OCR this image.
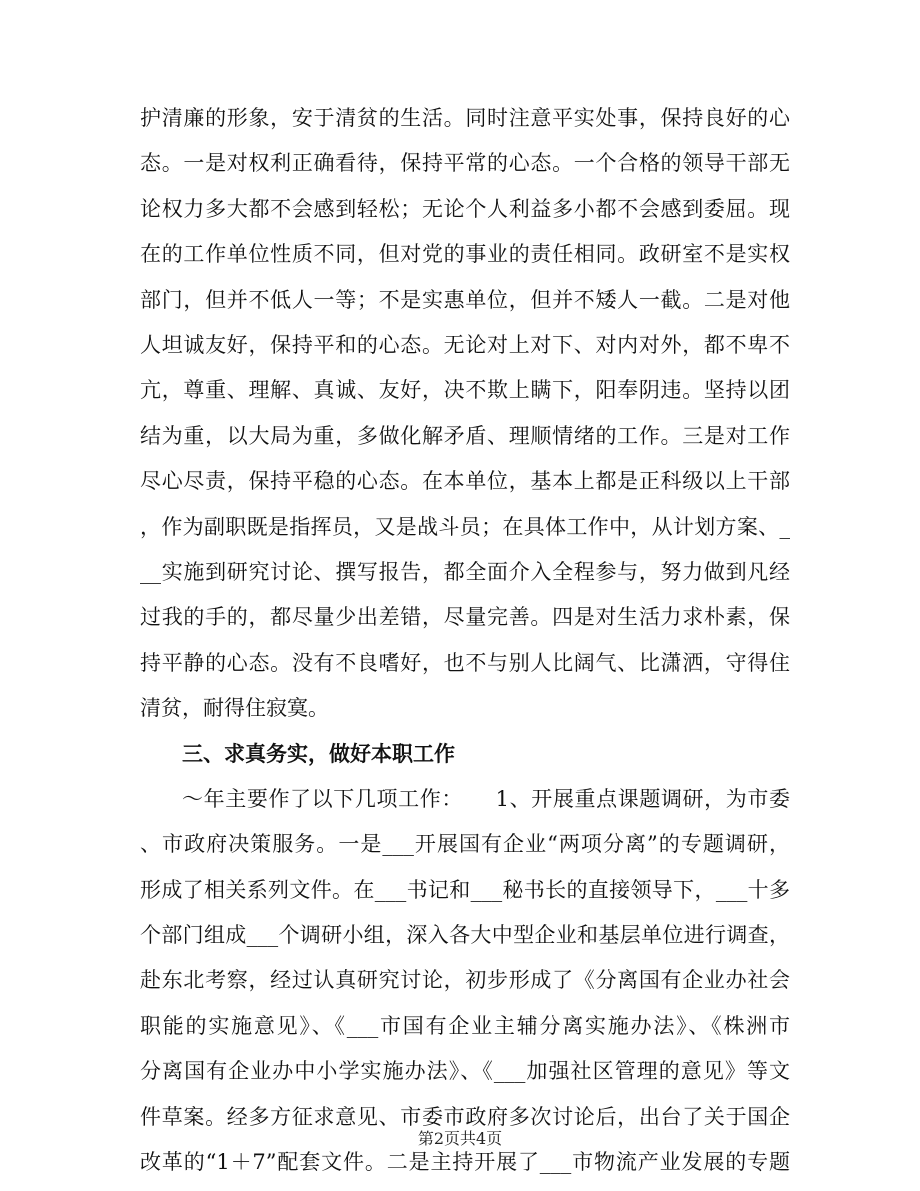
护清廉的形象，安于清贫的生活。同时注意平实处事，保持良好的心
态。一是对权利正确看待，保持平常的心态。一个合格的领导干部无
论权力多大都不会感到轻松；无论个人利益多小都不会感到委屈。现
在的工作单位性质不同，但对党的事业的责任相同。政研室不是实权
部门，但并不低人一等；不是实惠单位，但并不矮人一截。二是对他
人坦诚友好，保持平和的心态。无论对上对下、对内对外，都不卑不
亢，尊重、理解、真诚、友好，决不欺上瞒下，阳奉阴违。坚持以团
结为重，以大局为重，多做化解矛盾、理顺情绪的工作。三是对工作
尽心尽责，保持平稳的心态。在本单位，基本上都是正科级以上干部
，作为副职既是指挥员，又是战斗员；在具体工作中，从计划方案、_
__实施到研究讨论、撰写报告，都全面介入全程参与，努力做到凡经
过我的手的，都尽量少出差错，尽量完善。四是对生活力求朴素，保
持平静的心态。没有不良嗜好，也不与别人比阔气、比潇洒，守得住
清贫，耐得住寂寞。
三、求真务实，做好本职工作
～年主要作了以下几项工作：　　1、开展重点课题调研，为市委
、市政府决策服务。一是___开展国有企业“两项分离”的专题调研，
形成了相关系列文件。在___书记和___秘书长的直接领导下，___十多
个部门组成___个调研小组，深入各大中型企业和基层单位进行调查，
赴东北考察，经过认真研究讨论，初步形成了《分离国有企业办社会
职能的实施意见》、《___市国有企业主辅分离实施办法》、《株洲市
分离国有企业办中小学实施办法》、《___加强社区管理的意见》等文
件草案。经多方征求意见、市委市政府多次讨论后，出台了关于国企
改革的“1＋7”配套文件。二是主持开展了___市物流产业发展的专题
第2页共4页
